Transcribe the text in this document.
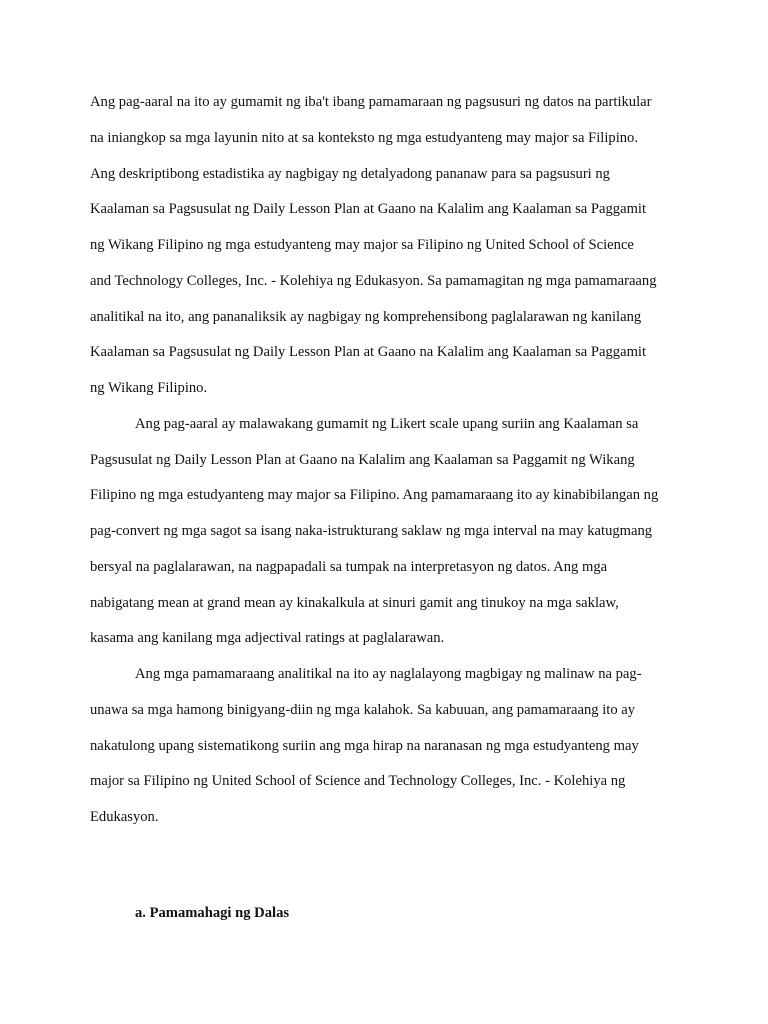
Ang pag-aaral na ito ay gumamit ng iba't ibang pamamaraan ng pagsusuri ng datos na partikular
na iniangkop sa mga layunin nito at sa konteksto ng mga estudyanteng may major sa Filipino.
Ang deskriptibong estadistika ay nagbigay ng detalyadong pananaw para sa pagsusuri ng
Kaalaman sa Pagsusulat ng Daily Lesson Plan at Gaano na Kalalim ang Kaalaman sa Paggamit
ng Wikang Filipino ng mga estudyanteng may major sa Filipino ng United School of Science
and Technology Colleges, Inc. - Kolehiya ng Edukasyon. Sa pamamagitan ng mga pamamaraang
analitikal na ito, ang pananaliksik ay nagbigay ng komprehensibong paglalarawan ng kanilang
Kaalaman sa Pagsusulat ng Daily Lesson Plan at Gaano na Kalalim ang Kaalaman sa Paggamit
ng Wikang Filipino.

Ang pag-aaral ay malawakang gumamit ng Likert scale upang suriin ang Kaalaman sa
Pagsusulat ng Daily Lesson Plan at Gaano na Kalalim ang Kaalaman sa Paggamit ng Wikang
Filipino ng mga estudyanteng may major sa Filipino. Ang pamamaraang ito ay kinabibilangan ng
pag-convert ng mga sagot sa isang naka-istrukturang saklaw ng mga interval na may katugmang
bersyal na paglalarawan, na nagpapadali sa tumpak na interpretasyon ng datos. Ang mga
nabigatang mean at grand mean ay kinakalkula at sinuri gamit ang tinukoy na mga saklaw,
kasama ang kanilang mga adjectival ratings at paglalarawan.

Ang mga pamamaraang analitikal na ito ay naglalayong magbigay ng malinaw na pag-
unawa sa mga hamong binigyang-diin ng mga kalahok. Sa kabuuan, ang pamamaraang ito ay
nakatulong upang sistematikong suriin ang mga hirap na naranasan ng mga estudyanteng may
major sa Filipino ng United School of Science and Technology Colleges, Inc. - Kolehiya ng
Edukasyon.

a. Pamamahagi ng Dalas
